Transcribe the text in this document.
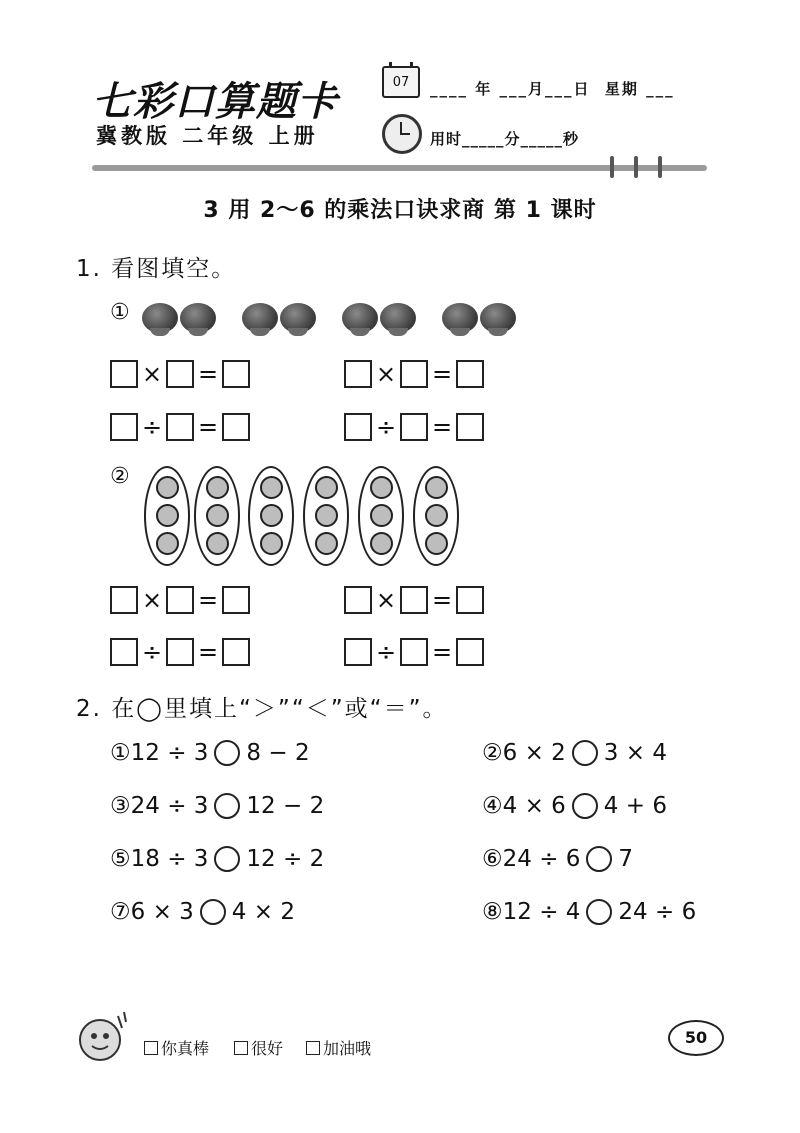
七彩口算题卡
冀教版 二年级 上册
07	____ 年 ___月___日  星期 ___
用时_____分_____秒
3 用 2～6 的乘法口诀求商 第 1 课时
1. 看图填空。
①
× =	× =
÷ =	÷ =
②
× =	× =
÷ =	÷ =
2. 在◯里填上“＞”“＜”或“＝”。
① 12 ÷ 3 8 − 2	② 6 × 2 3 × 4
③ 24 ÷ 3 12 − 2	④ 4 × 6 4 + 6
⑤ 18 ÷ 3 12 ÷ 2	⑥ 24 ÷ 6 7
⑦ 6 × 3 4 × 2	⑧ 12 ÷ 4 24 ÷ 6
你真棒	很好 加油哦
50
